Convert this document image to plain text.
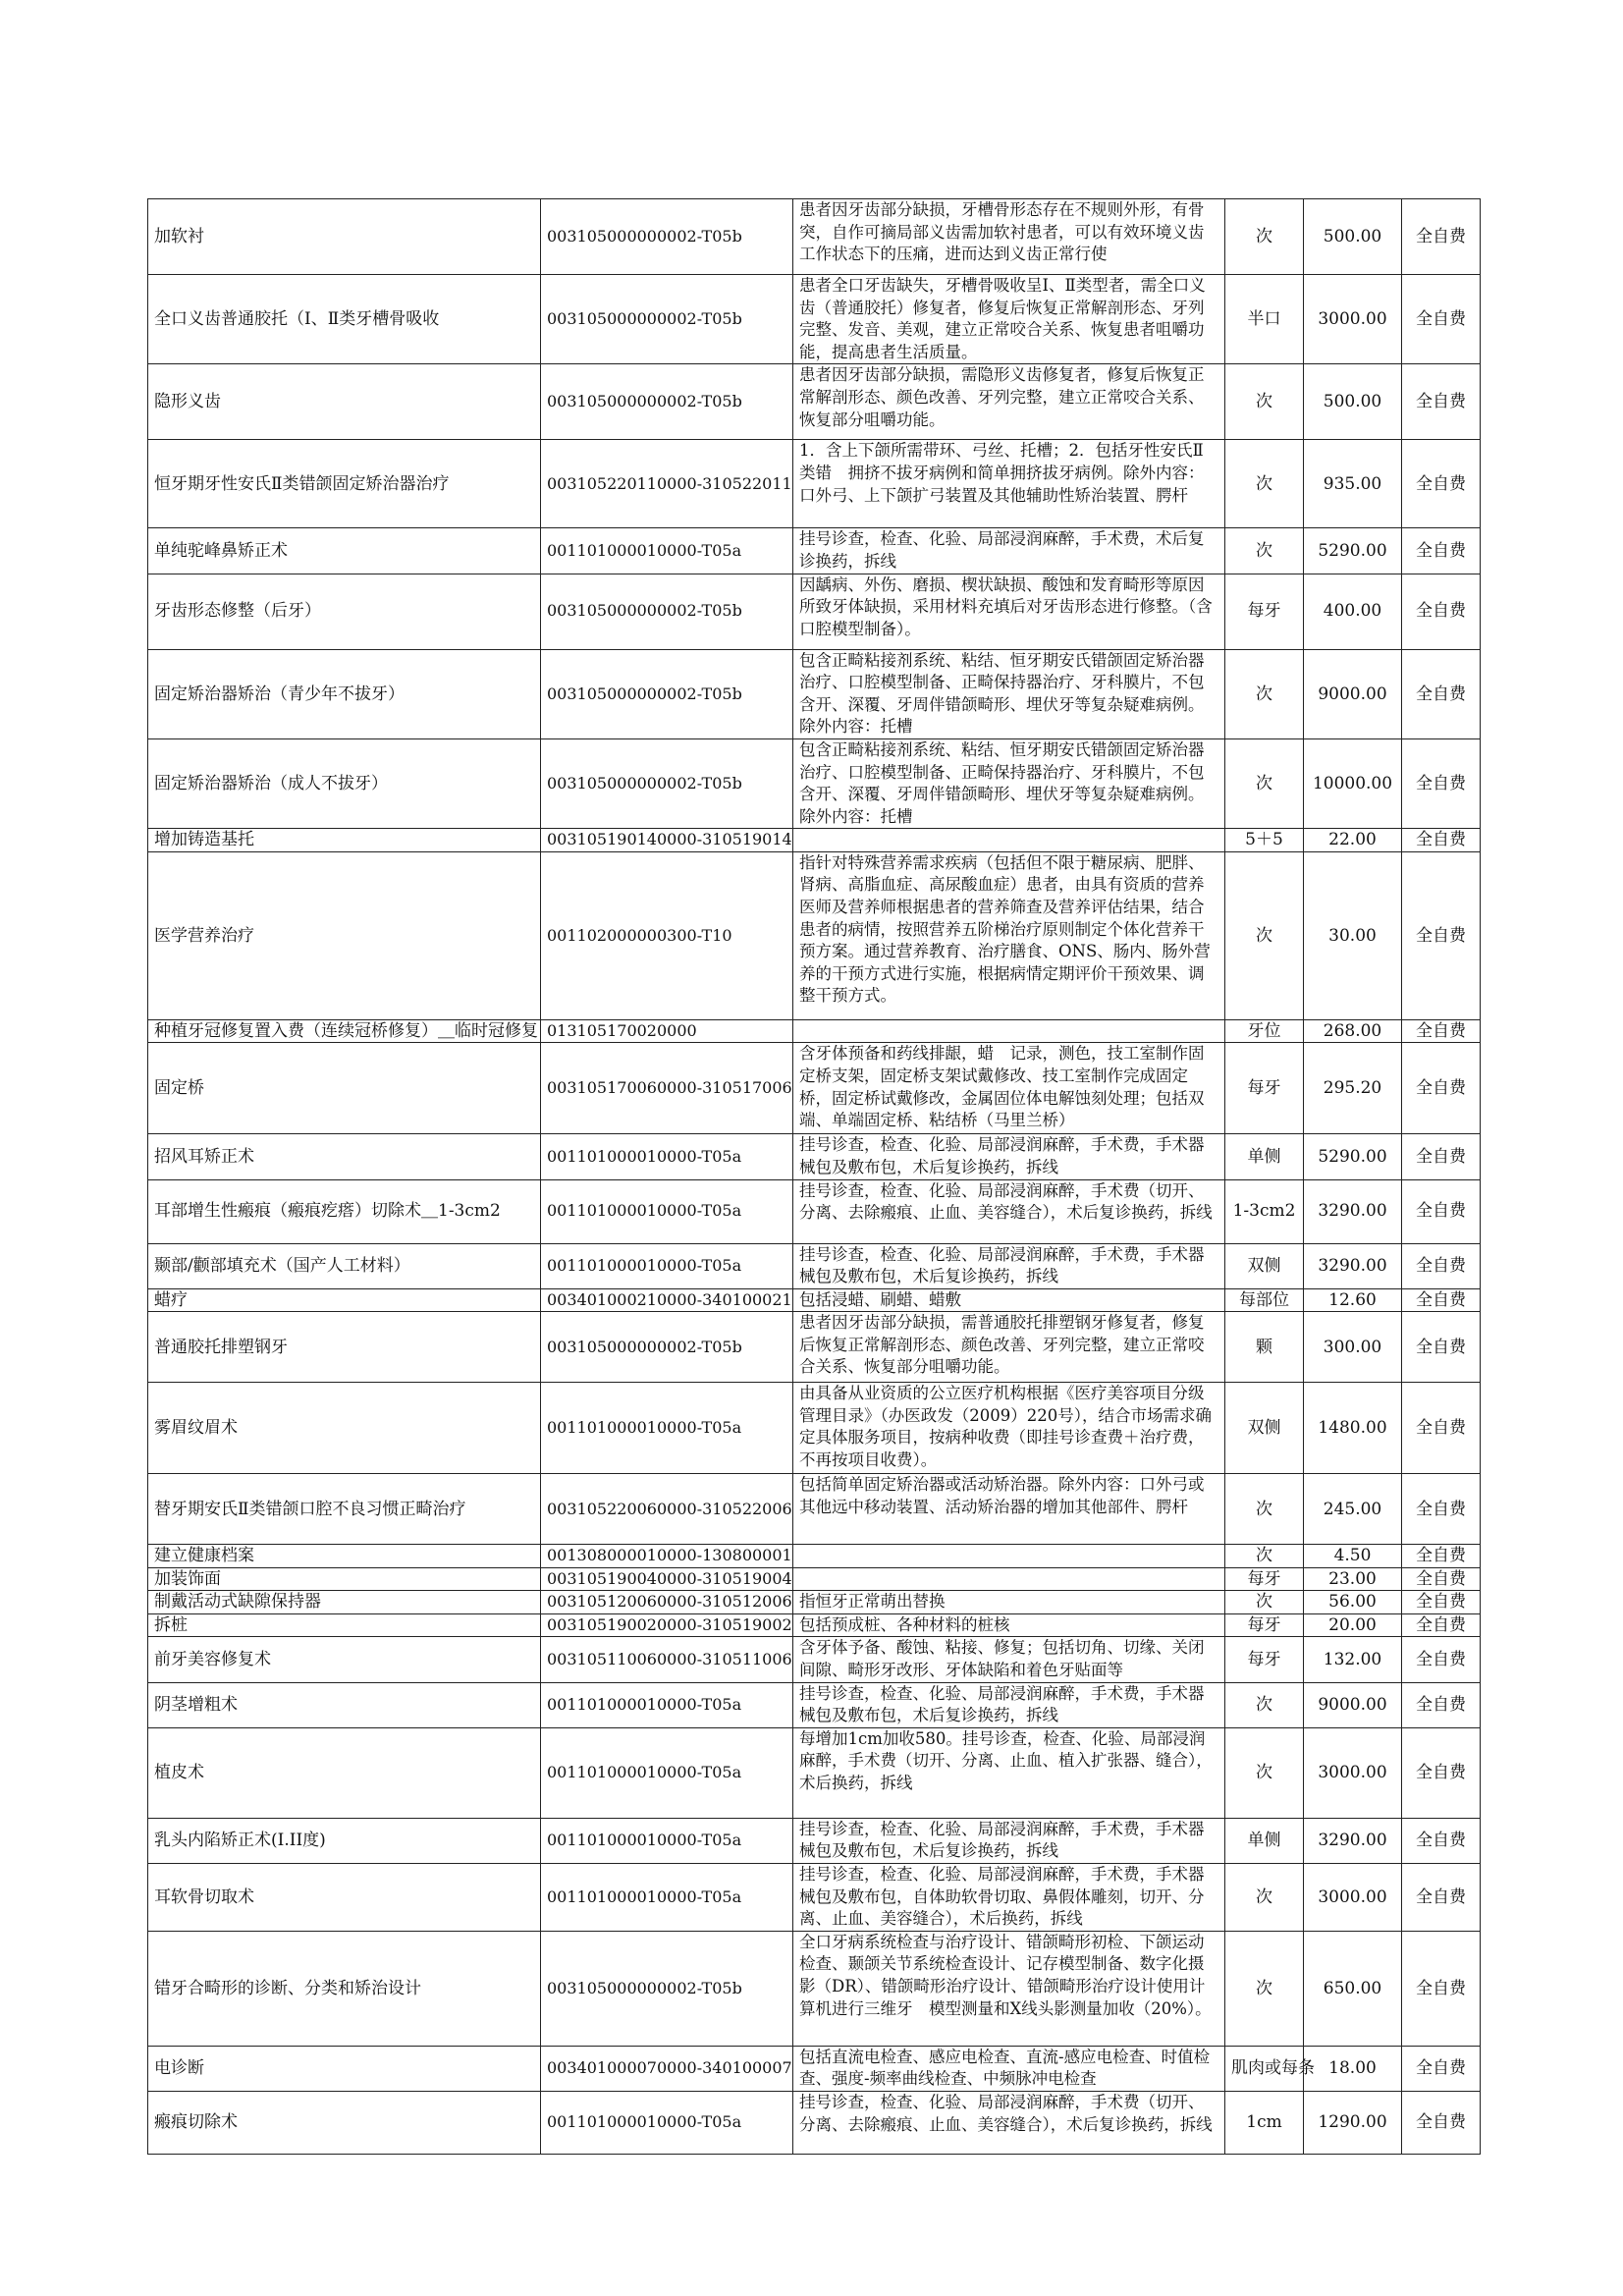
加软衬	003105000000002-T05b	患者因牙齿部分缺损，牙槽骨形态存在不规则外形，有骨突，自作可摘局部义齿需加软衬患者，可以有效环境义齿工作状态下的压痛，进而达到义齿正常行使	次	500.00	全自费
全口义齿普通胶托（Ⅰ、Ⅱ类牙槽骨吸收	003105000000002-T05b	患者全口牙齿缺失，牙槽骨吸收呈Ⅰ、Ⅱ类型者，需全口义齿（普通胶托）修复者，修复后恢复正常解剖形态、牙列完整、发音、美观，建立正常咬合关系、恢复患者咀嚼功能，提高患者生活质量。	半口	3000.00	全自费
隐形义齿	003105000000002-T05b	患者因牙齿部分缺损，需隐形义齿修复者，修复后恢复正常解剖形态、颜色改善、牙列完整，建立正常咬合关系、恢复部分咀嚼功能。	次	500.00	全自费
恒牙期牙性安氏Ⅱ类错颌固定矫治器治疗	003105220110000-310522011	1．含上下颌所需带环、弓丝、托槽；2．包括牙性安氏Ⅱ类错　拥挤不拔牙病例和简单拥挤拔牙病例。除外内容：口外弓、上下颌扩弓装置及其他辅助性矫治装置、腭杆	次	935.00	全自费
单纯驼峰鼻矫正术	001101000010000-T05a	挂号诊查，检查、化验、局部浸润麻醉，手术费，术后复诊换药，拆线	次	5290.00	全自费
牙齿形态修整（后牙）	003105000000002-T05b	因龋病、外伤、磨损、楔状缺损、酸蚀和发育畸形等原因所致牙体缺损，采用材料充填后对牙齿形态进行修整。（含口腔模型制备）。	每牙	400.00	全自费
固定矫治器矫治（青少年不拔牙）	003105000000002-T05b	包含正畸粘接剂系统、粘结、恒牙期安氏错颌固定矫治器治疗、口腔模型制备、正畸保持器治疗、牙科膜片，不包含开、深覆、牙周伴错颌畸形、埋伏牙等复杂疑难病例。除外内容：托槽	次	9000.00	全自费
固定矫治器矫治（成人不拔牙）	003105000000002-T05b	包含正畸粘接剂系统、粘结、恒牙期安氏错颌固定矫治器治疗、口腔模型制备、正畸保持器治疗、牙科膜片，不包含开、深覆、牙周伴错颌畸形、埋伏牙等复杂疑难病例。除外内容：托槽	次	10000.00	全自费
增加铸造基托	003105190140000-310519014		5＋5	22.00	全自费
医学营养治疗	001102000000300-T10	指针对特殊营养需求疾病（包括但不限于糖尿病、肥胖、肾病、高脂血症、高尿酸血症）患者，由具有资质的营养医师及营养师根据患者的营养筛查及营养评估结果，结合患者的病情，按照营养五阶梯治疗原则制定个体化营养干预方案。通过营养教育、治疗膳食、ONS、肠内、肠外营养的干预方式进行实施，根据病情定期评价干预效果、调整干预方式。	次	30.00	全自费
种植牙冠修复置入费（连续冠桥修复）＿临时冠修复	013105170020000		牙位	268.00	全自费
固定桥	003105170060000-310517006	含牙体预备和药线排龈，蜡　记录，测色，技工室制作固定桥支架，固定桥支架试戴修改、技工室制作完成固定桥，固定桥试戴修改，金属固位体电解蚀刻处理；包括双端、单端固定桥、粘结桥（马里兰桥）	每牙	295.20	全自费
招风耳矫正术	001101000010000-T05a	挂号诊查，检查、化验、局部浸润麻醉，手术费，手术器械包及敷布包，术后复诊换药，拆线	单侧	5290.00	全自费
耳部增生性瘢痕（瘢痕疙瘩）切除术＿1-3cm2	001101000010000-T05a	挂号诊查，检查、化验、局部浸润麻醉，手术费（切开、分离、去除瘢痕、止血、美容缝合），术后复诊换药，拆线	1-3cm2	3290.00	全自费
颞部/颧部填充术（国产人工材料）	001101000010000-T05a	挂号诊查，检查、化验、局部浸润麻醉，手术费，手术器械包及敷布包，术后复诊换药，拆线	双侧	3290.00	全自费
蜡疗	003401000210000-340100021	包括浸蜡、刷蜡、蜡敷	每部位	12.60	全自费
普通胶托排塑钢牙	003105000000002-T05b	患者因牙齿部分缺损，需普通胶托排塑钢牙修复者，修复后恢复正常解剖形态、颜色改善、牙列完整，建立正常咬合关系、恢复部分咀嚼功能。	颗	300.00	全自费
雾眉纹眉术	001101000010000-T05a	由具备从业资质的公立医疗机构根据《医疗美容项目分级管理目录》（办医政发（2009）220号），结合市场需求确定具体服务项目，按病种收费（即挂号诊查费＋治疗费，不再按项目收费）。	双侧	1480.00	全自费
替牙期安氏Ⅱ类错颌口腔不良习惯正畸治疗	003105220060000-310522006	包括简单固定矫治器或活动矫治器。除外内容：口外弓或其他远中移动装置、活动矫治器的增加其他部件、腭杆	次	245.00	全自费
建立健康档案	001308000010000-130800001		次	4.50	全自费
加装饰面	003105190040000-310519004		每牙	23.00	全自费
制戴活动式缺隙保持器	003105120060000-310512006	指恒牙正常萌出替换	次	56.00	全自费
拆桩	003105190020000-310519002	包括预成桩、各种材料的桩核	每牙	20.00	全自费
前牙美容修复术	003105110060000-310511006	含牙体予备、酸蚀、粘接、修复；包括切角、切缘、关闭间隙、畸形牙改形、牙体缺陷和着色牙贴面等	每牙	132.00	全自费
阴茎增粗术	001101000010000-T05a	挂号诊查，检查、化验、局部浸润麻醉，手术费，手术器械包及敷布包，术后复诊换药，拆线	次	9000.00	全自费
植皮术	001101000010000-T05a	每增加1cm加收580。挂号诊查，检查、化验、局部浸润麻醉，手术费（切开、分离、止血、植入扩张器、缝合），术后换药，拆线	次	3000.00	全自费
乳头内陷矫正术(I.II度)	001101000010000-T05a	挂号诊查，检查、化验、局部浸润麻醉，手术费，手术器械包及敷布包，术后复诊换药，拆线	单侧	3290.00	全自费
耳软骨切取术	001101000010000-T05a	挂号诊查，检查、化验、局部浸润麻醉，手术费，手术器械包及敷布包，自体助软骨切取、鼻假体雕刻，切开、分离、止血、美容缝合），术后换药，拆线	次	3000.00	全自费
错牙合畸形的诊断、分类和矫治设计	003105000000002-T05b	全口牙病系统检查与治疗设计、错颌畸形初检、下颌运动检查、颞颌关节系统检查设计、记存模型制备、数字化摄影（DR）、错颌畸形治疗设计、错颌畸形治疗设计使用计算机进行三维牙　模型测量和X线头影测量加收（20%）。	次	650.00	全自费
电诊断	003401000070000-340100007	包括直流电检查、感应电检查、直流-感应电检查、时值检查、强度-频率曲线检查、中频脉冲电检查	肌肉或每条	18.00	全自费
瘢痕切除术	001101000010000-T05a	挂号诊查，检查、化验、局部浸润麻醉，手术费（切开、分离、去除瘢痕、止血、美容缝合），术后复诊换药，拆线	1cm	1290.00	全自费
